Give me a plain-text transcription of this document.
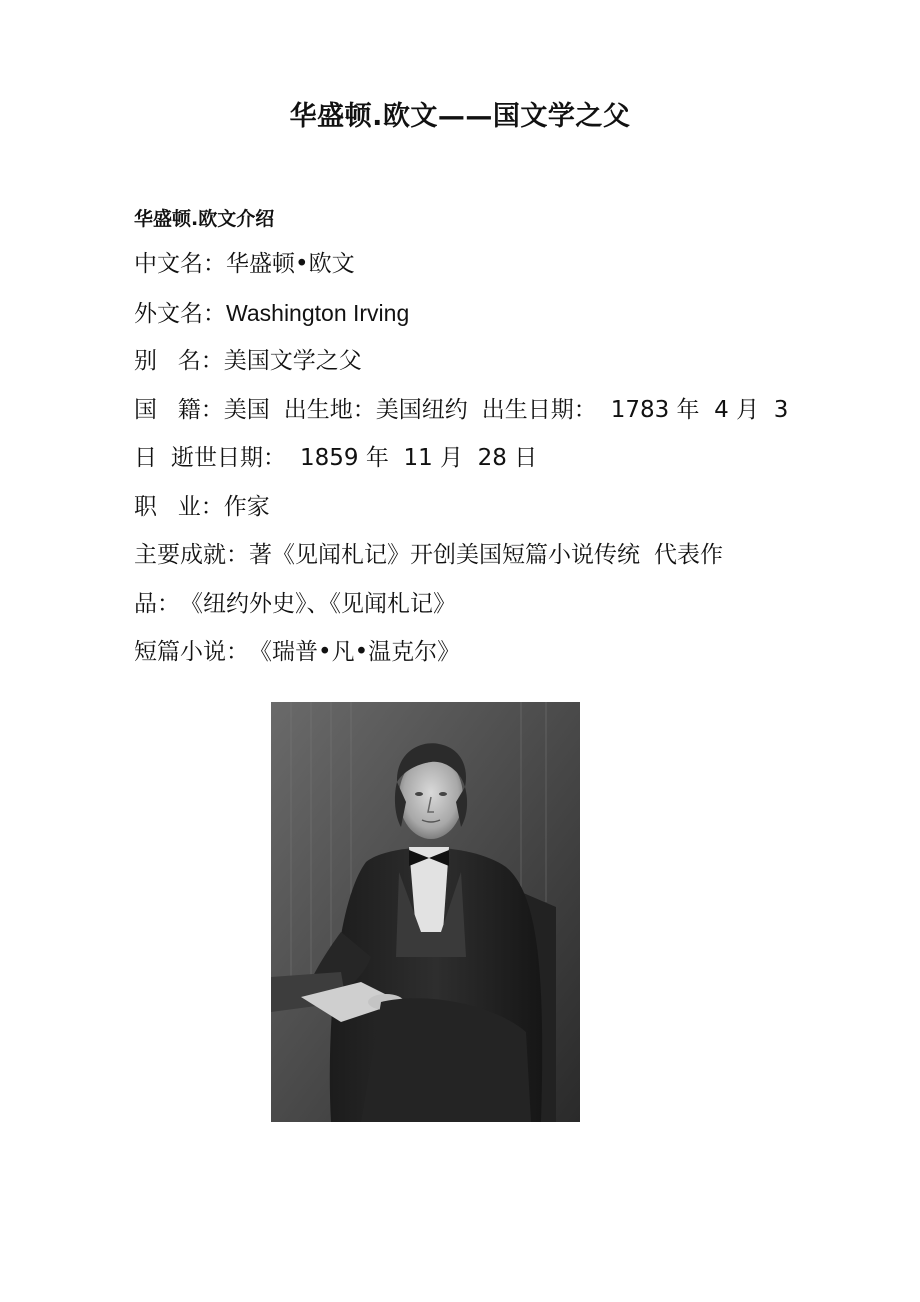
华盛顿.欧文——国文学之父
华盛顿.欧文介绍
中文名：华盛顿•欧文
外文名：Washington Irving
别名：美国文学之父
国籍：美国 出生地：美国纽约 出生日期： 1783 年  4 月  3
日 逝世日期： 1859 年  11 月  28 日
职业：作家
主要成就：著《见闻札记》开创美国短篇小说传统 代表作
品：《纽约外史》、《见闻札记》
短篇小说：《瑞普•凡•温克尔》
